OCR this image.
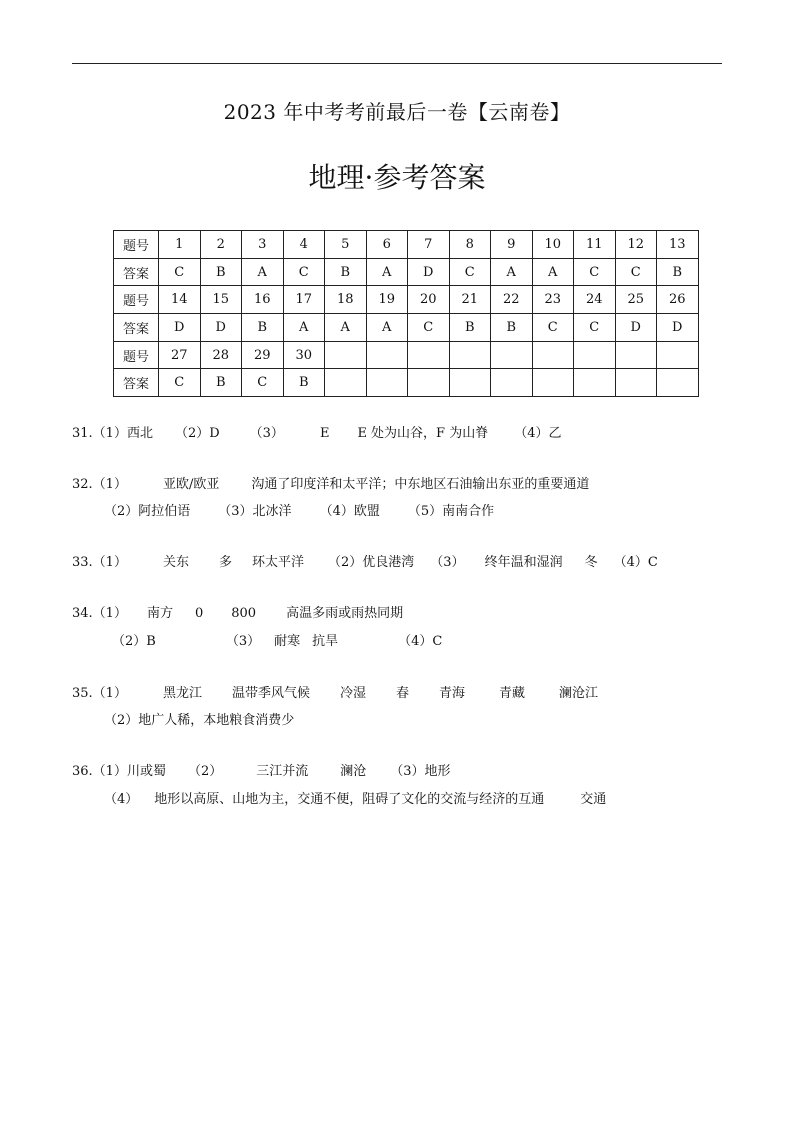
2023 年中考考前最后一卷【云南卷】
地理·参考答案
题号	1	2	3	4	5	6	7	8	9	10	11	12	13
答案	C	B	A	C	B	A	D	C	A	A	C	C	B
题号	14	15	16	17	18	19	20	21	22	23	24	25	26
答案	D	D	B	A	A	A	C	B	B	C	C	D	D
题号	27	28	29	30									
答案	C	B	C	B									
31.（1）西北 （2）D （3）	E E 处为山谷，F 为山脊 （4）乙
32.（1）	亚欧/欧亚 沟通了印度洋和太平洋；中东地区石油输出东亚的重要通道
（2）阿拉伯语 （3）北冰洋 （4）欧盟 （5）南南合作
33.（1）	关东 多 环太平洋 （2）优良港湾 （3） 终年温和湿润 冬 （4）C
34.（1） 南方 0 800 高温多雨或雨热同期
（2）B	（3） 耐寒 抗旱	（4）C
35.（1）	黑龙江 温带季风气候 冷湿 春 青海	青藏	澜沧江
（2）地广人稀，本地粮食消费少
36.（1）川或蜀 （2）	三江并流 澜沧 （3）地形
（4） 地形以高原、山地为主，交通不便，阻碍了文化的交流与经济的互通	交通
